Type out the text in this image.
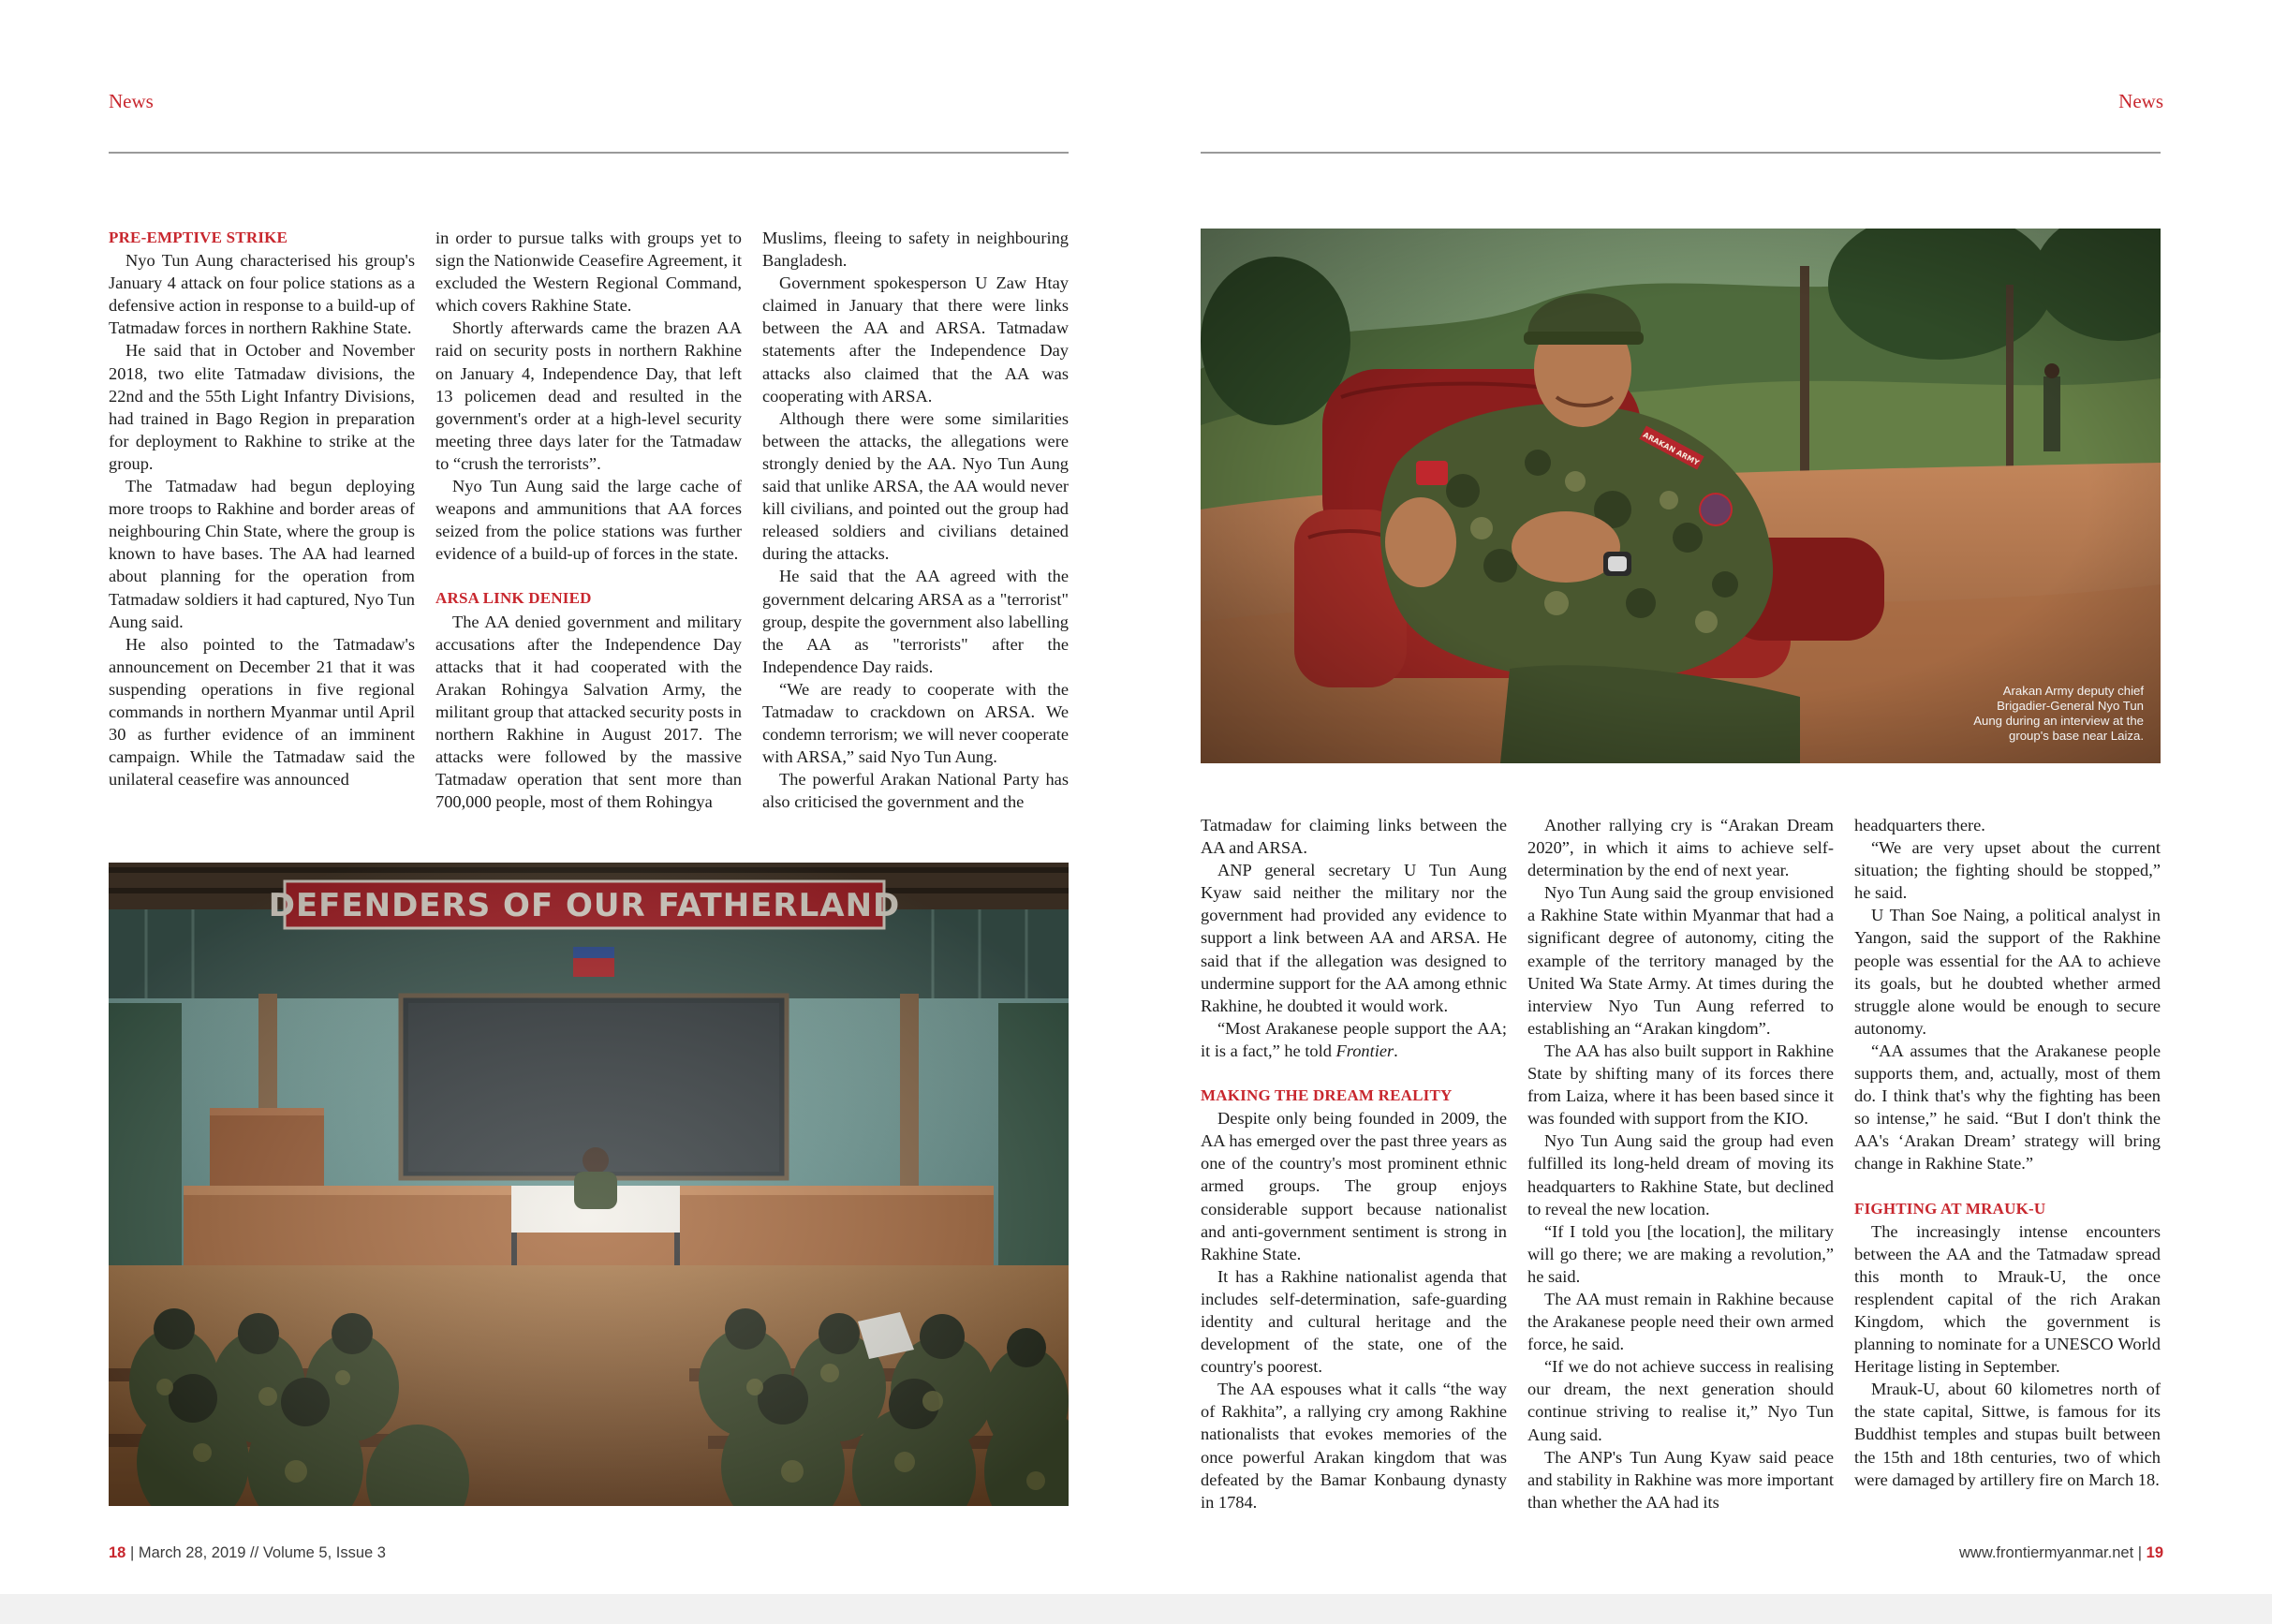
News
PRE-EMPTIVE STRIKE

Nyo Tun Aung characterised his group's January 4 attack on four police stations as a defensive action in response to a build-up of Tatmadaw forces in northern Rakhine State.

He said that in October and November 2018, two elite Tatmadaw divisions, the 22nd and the 55th Light Infantry Divisions, had trained in Bago Region in preparation for deployment to Rakhine to strike at the group.

The Tatmadaw had begun deploying more troops to Rakhine and border areas of neighbouring Chin State, where the group is known to have bases. The AA had learned about planning for the operation from Tatmadaw soldiers it had captured, Nyo Tun Aung said.

He also pointed to the Tatmadaw's announcement on December 21 that it was suspending operations in five regional commands in northern Myanmar until April 30 as further evidence of an imminent campaign. While the Tatmadaw said the unilateral ceasefire was announced

in order to pursue talks with groups yet to sign the Nationwide Ceasefire Agreement, it excluded the Western Regional Command, which covers Rakhine State.

Shortly afterwards came the brazen AA raid on security posts in northern Rakhine on January 4, Independence Day, that left 13 policemen dead and resulted in the government's order at a high-level security meeting three days later for the Tatmadaw to “crush the terrorists”.

Nyo Tun Aung said the large cache of weapons and ammunitions that AA forces seized from the police stations was further evidence of a build-up of forces in the state.

ARSA LINK DENIED

The AA denied government and military accusations after the Independence Day attacks that it had cooperated with the Arakan Rohingya Salvation Army, the militant group that attacked security posts in northern Rakhine in August 2017. The attacks were followed by the massive Tatmadaw operation that sent more than 700,000 people, most of them Rohingya

Muslims, fleeing to safety in neighbouring Bangladesh.

Government spokesperson U Zaw Htay claimed in January that there were links between the AA and ARSA. Tatmadaw statements after the Independence Day attacks also claimed that the AA was cooperating with ARSA.

Although there were some similarities between the attacks, the allegations were strongly denied by the AA. Nyo Tun Aung said that unlike ARSA, the AA would never kill civilians, and pointed out the group had released soldiers and civilians detained during the attacks.

He said that the AA agreed with the government delcaring ARSA as a "terrorist" group, despite the government also labelling the AA as "terrorists" after the Independence Day raids.

“We are ready to cooperate with the Tatmadaw to crackdown on ARSA. We condemn terrorism; we will never cooperate with ARSA,” said Nyo Tun Aung.

The powerful Arakan National Party has also criticised the government and the

18 | March 28, 2019 // Volume 5, Issue 3
News
Arakan Army deputy chief
Brigadier-General Nyo Tun
Aung during an interview at the
group's base near Laiza.

Tatmadaw for claiming links between the AA and ARSA.

ANP general secretary U Tun Aung Kyaw said neither the military nor the government had provided any evidence to support a link between AA and ARSA. He said that if the allegation was designed to undermine support for the AA among ethnic Rakhine, he doubted it would work.

“Most Arakanese people support the AA; it is a fact,” he told Frontier.

MAKING THE DREAM REALITY

Despite only being founded in 2009, the AA has emerged over the past three years as one of the country's most prominent ethnic armed groups. The group enjoys considerable support because nationalist and anti-government sentiment is strong in Rakhine State.

It has a Rakhine nationalist agenda that includes self-determination, safe-guarding identity and cultural heritage and the development of the state, one of the country's poorest.

The AA espouses what it calls “the way of Rakhita”, a rallying cry among Rakhine nationalists that evokes memories of the once powerful Arakan kingdom that was defeated by the Bamar Konbaung dynasty in 1784.

Another rallying cry is “Arakan Dream 2020”, in which it aims to achieve self-determination by the end of next year.

Nyo Tun Aung said the group envisioned a Rakhine State within Myanmar that had a significant degree of autonomy, citing the example of the territory managed by the United Wa State Army. At times during the interview Nyo Tun Aung referred to establishing an “Arakan kingdom”.

The AA has also built support in Rakhine State by shifting many of its forces there from Laiza, where it has been based since it was founded with support from the KIO.

Nyo Tun Aung said the group had even fulfilled its long-held dream of moving its headquarters to Rakhine State, but declined to reveal the new location.

“If I told you [the location], the military will go there; we are making a revolution,” he said.

The AA must remain in Rakhine because the Arakanese people need their own armed force, he said.

“If we do not achieve success in realising our dream, the next generation should continue striving to realise it,” Nyo Tun Aung said.

The ANP's Tun Aung Kyaw said peace and stability in Rakhine was more important than whether the AA had its

headquarters there.

“We are very upset about the current situation; the fighting should be stopped,” he said.

U Than Soe Naing, a political analyst in Yangon, said the support of the Rakhine people was essential for the AA to achieve its goals, but he doubted whether armed struggle alone would be enough to secure autonomy.

“AA assumes that the Arakanese people supports them, and, actually, most of them do. I think that's why the fighting has been so intense,” he said. “But I don't think the AA's ‘Arakan Dream’ strategy will bring change in Rakhine State.”

FIGHTING AT MRAUK-U

The increasingly intense encounters between the AA and the Tatmadaw spread this month to Mrauk-U, the once resplendent capital of the rich Arakan Kingdom, which the government is planning to nominate for a UNESCO World Heritage listing in September.

Mrauk-U, about 60 kilometres north of the state capital, Sittwe, is famous for its Buddhist temples and stupas built between the 15th and 18th centuries, two of which were damaged by artillery fire on March 18.

www.frontiermyanmar.net | 19
